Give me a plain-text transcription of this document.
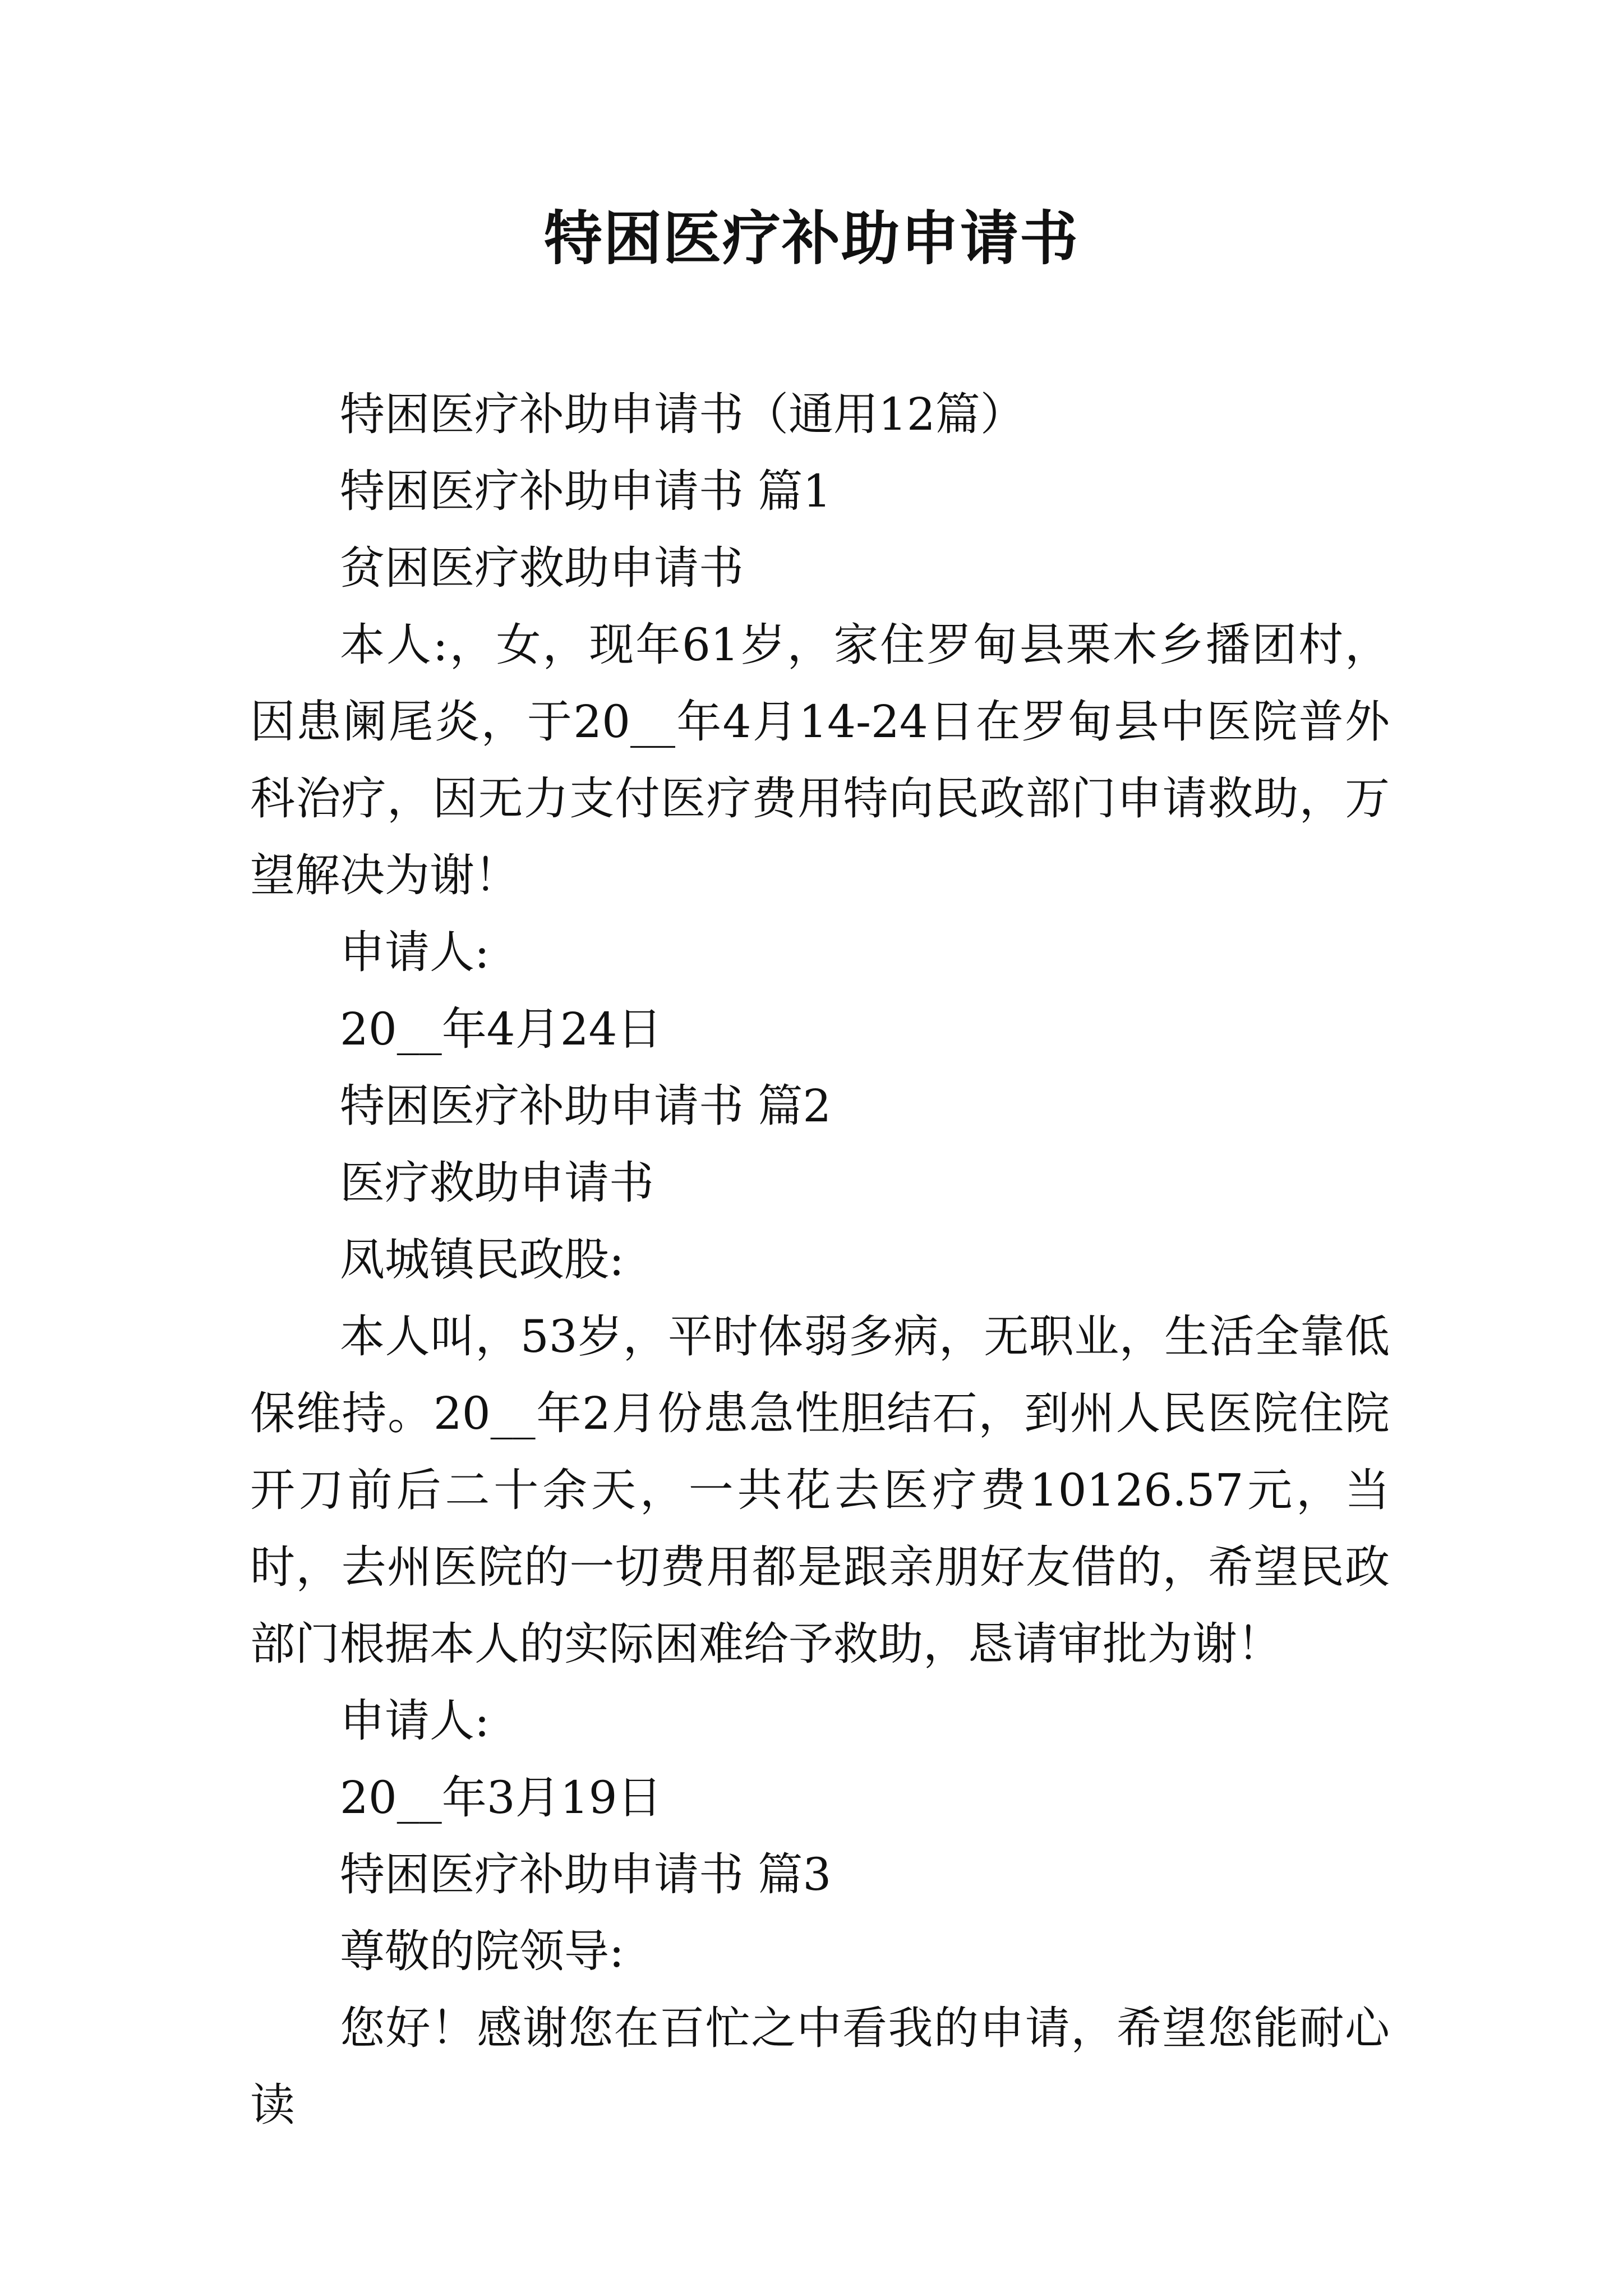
特困医疗补助申请书

特困医疗补助申请书（通用12篇）

特困医疗补助申请书 篇1

贫困医疗救助申请书

本人:，女，现年61岁，家住罗甸县栗木乡播团村，因患阑尾炎，于20__年4月14-24日在罗甸县中医院普外科治疗，因无力支付医疗费用特向民政部门申请救助，万望解决为谢！

申请人:

20__年4月24日

特困医疗补助申请书 篇2

医疗救助申请书

凤城镇民政股:

本人叫，53岁，平时体弱多病，无职业，生活全靠低保维持。20__年2月份患急性胆结石，到州人民医院住院开刀前后二十余天，一共花去医疗费10126.57元，当时，去州医院的一切费用都是跟亲朋好友借的，希望民政部门根据本人的实际困难给予救助，恳请审批为谢！

申请人:

20__年3月19日

特困医疗补助申请书 篇3

尊敬的院领导:

您好！感谢您在百忙之中看我的申请，希望您能耐心读
